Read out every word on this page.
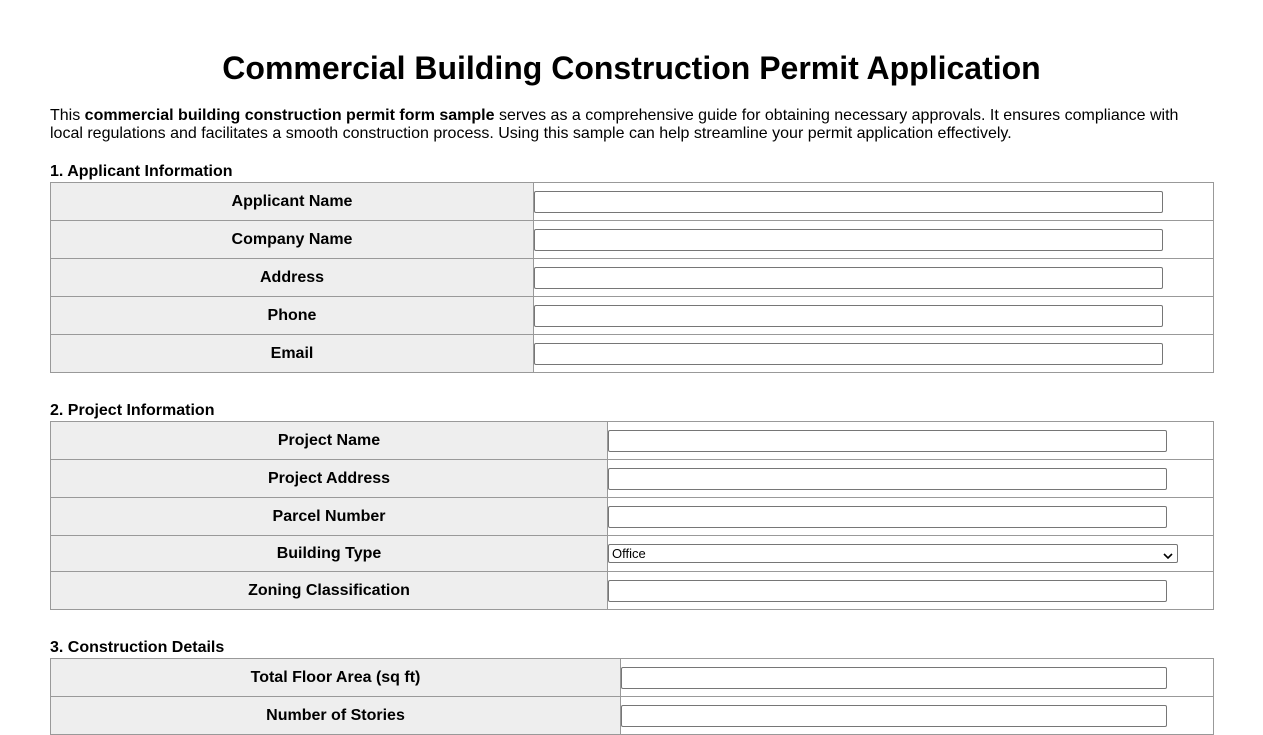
Commercial Building Construction Permit Application

This commercial building construction permit form sample serves as a comprehensive guide for obtaining necessary approvals. It ensures compliance with local regulations and facilitates a smooth construction process. Using this sample can help streamline your permit application effectively.

1. Applicant Information
Applicant Name	

Company Name	

Address	

Phone	

Email	
2. Project Information
Project Name	

Project Address	

Parcel Number	

Building Type	Office

Zoning Classification	
3. Construction Details
Total Floor Area (sq ft)	

Number of Stories	
